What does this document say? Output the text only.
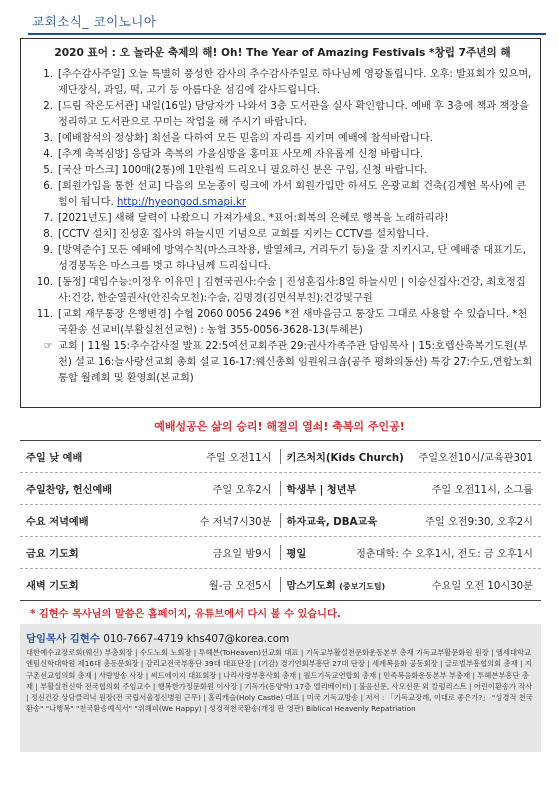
교회소식_ 코이노니아
2020 표어 : 오 놀라운 축제의 해! Oh! The Year of Amazing Festivals *창립 7주년의 해
1. [추수감사주일] 오늘 특별히 풍성한 감사의 추수감사주일로 하나님께 영광돌립니다. 오후: 발표회가 있으며, 제단장식, 과일, 떡, 고기 등 아름다운 섬김에 감사드립니다.
2. [드림 작은도서관] 내일(16일) 담당자가 나와서 3층 도서관을 실사 확인합니다. 예배 후 3층에 책과 책장을 정리하고 도서관으로 꾸미는 작업을 해 주시기 바랍니다.
3. [예배참석의 정상화] 최선을 다하여 모든 믿음의 자리를 지키며 예배에 참석바랍니다.
4. [추계 축복심방] 응답과 축복의 가을심방을 홍미표 사모께 자유롭게 신청 바랍니다.
5. [국산 마스크] 100매(2통)에 1만원씩 드리오니 필요하신 분은 구입, 신청 바랍니다.
6. [회원가입을 통한 선교] 다음의 모눈종이 링크에 가서 회원가입만 하셔도 은광교회 건축(김계현 목사)에 큰 힘이 됩니다. http://hyeongod.smapi.kr
7. [2021년도] 새해 달력이 나왔으니 가져가세요. *표어:회복의 은혜로 행복을 노래하리라!
8. [CCTV 설치] 진성훈 집사의 하늘시민 기념으로 교회를 지키는 CCTV를 설치합니다.
9. [방역준수] 모든 예배에 방역수칙(마스크착용, 발열체크, 거리두기 등)을 잘 지키시고, 단 예배중 대표기도, 성경봉독은 마스크를 벗고 하나님께 드리십니다.
10. [동정] 대입수능:이정우 이유민 | 김현국권사:수술 | 진성훈집사:8일 하늘시민 | 이승신집사:건강, 최호정집사:건강, 한순열권사(안진숙모친):수술, 김명경(김면석부친):건강및구원
11. [교회 재무통장 은행변경] 수협 2060 0056 2496 *전 새마을금고 통장도 그대로 사용할 수 있습니다. *천국환송 선교비(부활실천선교헌) : 농협 355-0056-3628-13(투헤븐)
☞ 교회 | 11월 15:추수감사절 발표 22:5여선교회주관 29:권사가족주관 담임목사 | 15:호렙산축복기도원(부천) 설교 16:늘사랑선교회 총회 설교 16-17:웨신총회 임원워크숍(공주 평화의동산) 특강 27:수도,연합노회 통합 월례회 및 환영회(본교회)
예배성공은 삶의 승리! 해결의 열쇠! 축복의 주인공!
주일 낮 예배	주일 오전11시 키즈처치(Kids Church) 주일오전10시/교육관301
주일찬양, 헌신예배	주일 오후2시 학생부 | 청년부	주일 오전11시, 소그룹
수요 저녁예배	수 저녁7시30분 하자교육, DBA교육	주일 오전9:30, 오후2시
금요 기도회	금요일 밤9시 평일	정춘대학: 수 오후1시, 전도: 금 오후1시
새벽 기도회	월-금 오전5시 맘스기도회 (중보기도팀)	수요일 오전 10시30분
* 김현수 목사님의 말씀은 홈페이지, 유튜브에서 다시 볼 수 있습니다.
담임목사 김현수 010-7667-4719 khs407@korea.com
대한예수교장로회(웨신) 부총회장 | 수도노회 노회장 | 투헤븐(ToHeaven)선교회 대표 | 기독교부활실천문화운동본부 총재 기독교부활문화원 원장 | 엠세대학교엔팀신학대학원 제16대 총동문회장 | 감리교전국부흥단 39대 대표단장 | (기감) 경기연회부흥단 27대 단장 | 세계복음화 공동회장 | 글로벌부흥협의회 총재 | 지구촌선교협의회 총재 | 사랑방송 사장 | 써드에이지 대표회장 | 나라사랑부흥사회 총재 | 월드기독교연합회 총재 | 민족복음화운동본부 부총재 | 투헤븐부흥단 총재 | 부활실천신학 전국협의회 주임교수 | 행복한가정문화원 이사장 | 기독가(동양학) 17층 엘리베이터) | 불음신문, 사모신문 외 칼럼리스트 | 어린이환송가 작사 | 정신건강 상담클리닉 원장(전 국립서울정신병원 근무) | 홀리캐슬(Holy Castle) 대표 | 미국 기독교방송 | 저서 : 「기독교장례, 이대로 좋은가?」 "성경적 천국환송" "나행복" "천국환송예식서" "위해피(We Happy) | 성경적천국환송(개정 판 영판) Biblical Heavenly Repatriation
